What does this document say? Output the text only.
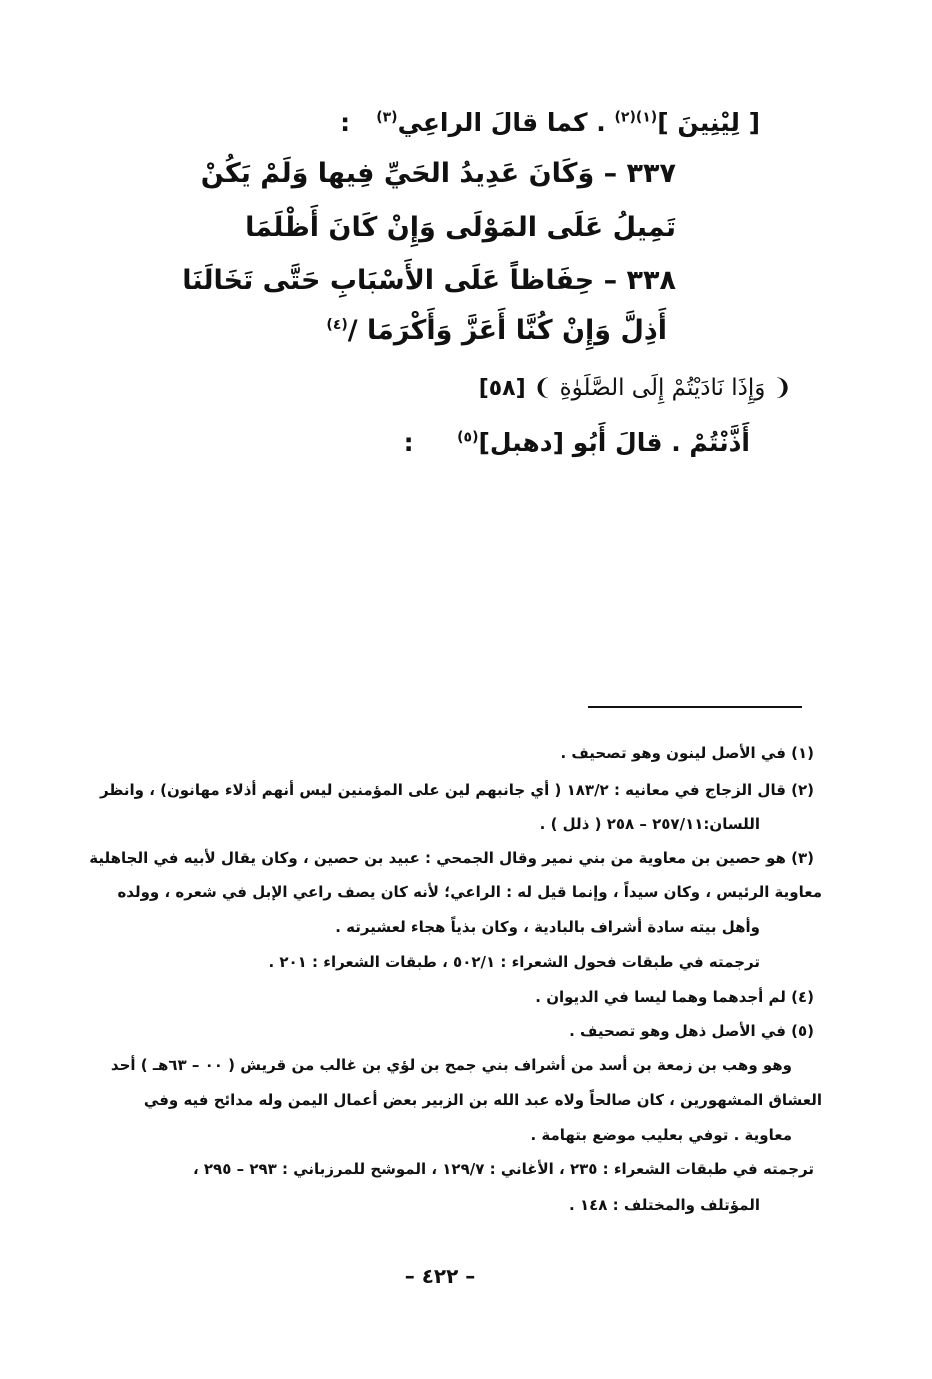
[ لِيْنِينَ ]$^{(١)(٢)}$ . كما قالَ الراعِي$^{(٣)}$   :
٣٣٧ – وَكَانَ عَدِيدُ الحَيِّ فِيها وَلَمْ يَكُنْ
تَمِيلُ عَلَى المَوْلَى وَإِنْ كَانَ أَظْلَمَا
٣٣٨ – حِفَاظاً عَلَى الأَسْبَابِ حَتَّى تَخَالَنَا
أَذِلَّ وَإِنْ كُنَّا أَعَزَّ وَأَكْرَمَا /$^{(٤)}$
❨ وَإِذَا نَادَيْتُمْ إِلَى الصَّلَوٰةِ ❩ [٥٨]
أَذَّنْتُمْ . قالَ أَبُو [دهبل]$^{(٥)}$     :
(١) في الأصل لينون وهو تصحيف .
(٢) قال الزجاج في معانيه : ١٨٣/٢ ( أي جانبهم لين على المؤمنين ليس أنهم أذلاء مهانون) ، وانظر
اللسان:٢٥٧/١١ – ٢٥٨ ( ذلل ) .
(٣) هو حصين بن معاوية من بني نمير وقال الجمحي : عبيد بن حصين ، وكان يقال لأبيه في الجاهلية
معاوية الرئيس ، وكان سيداً ، وإنما قيل له : الراعي؛ لأنه كان يصف راعي الإبل في شعره ، وولده
وأهل بيته سادة أشراف بالبادية ، وكان بذياً هجاء لعشيرته .
ترجمته في طبقات فحول الشعراء : ٥٠٢/١ ، طبقات الشعراء : ٢٠١ .
(٤) لم أجدهما وهما ليسا في الديوان .
(٥) في الأصل ذهل وهو تصحيف .
وهو وهب بن زمعة بن أسد من أشراف بني جمح بن لؤي بن غالب من قريش ( ٠٠ – ٦٣هـ ) أحد
العشاق المشهورين ، كان صالحاً ولاه عبد الله بن الزبير بعض أعمال اليمن وله مدائح فيه وفي
معاوية . توفي بعليب موضع بتهامة .
ترجمته في طبقات الشعراء : ٢٣٥ ، الأغاني : ١٢٩/٧ ، الموشح للمرزباني : ٢٩٣ – ٢٩٥ ،
المؤتلف والمختلف : ١٤٨ .
– ٤٢٢ –
